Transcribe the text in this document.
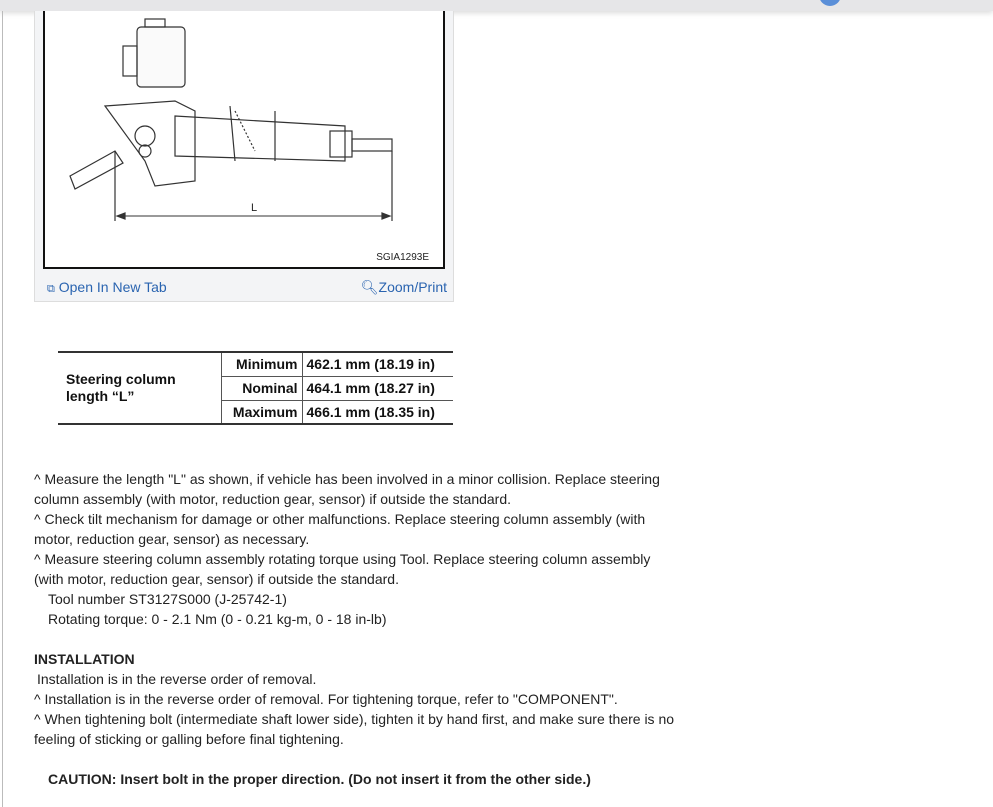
L
SGIA1293E
⧉ Open In New Tab	🔍︎Zoom/Print
Steering column length “L”	Minimum	462.1 mm (18.19 in)
	Nominal	464.1 mm (18.27 in)
	Maximum	466.1 mm (18.35 in)

^ Measure the length "L" as shown, if vehicle has been involved in a minor collision. Replace steering column assembly (with motor, reduction gear, sensor) if outside the standard.

^ Check tilt mechanism for damage or other malfunctions. Replace steering column assembly (with motor, reduction gear, sensor) as necessary.

^ Measure steering column assembly rotating torque using Tool. Replace steering column assembly (with motor, reduction gear, sensor) if outside the standard.

Tool number ST3127S000 (J-25742-1)

Rotating torque: 0 - 2.1 Nm (0 - 0.21 kg-m, 0 - 18 in-lb)

INSTALLATION

Installation is in the reverse order of removal.

^ Installation is in the reverse order of removal. For tightening torque, refer to "COMPONENT".

^ When tightening bolt (intermediate shaft lower side), tighten it by hand first, and make sure there is no feeling of sticking or galling before final tightening.

CAUTION: Insert bolt in the proper direction. (Do not insert it from the other side.)
